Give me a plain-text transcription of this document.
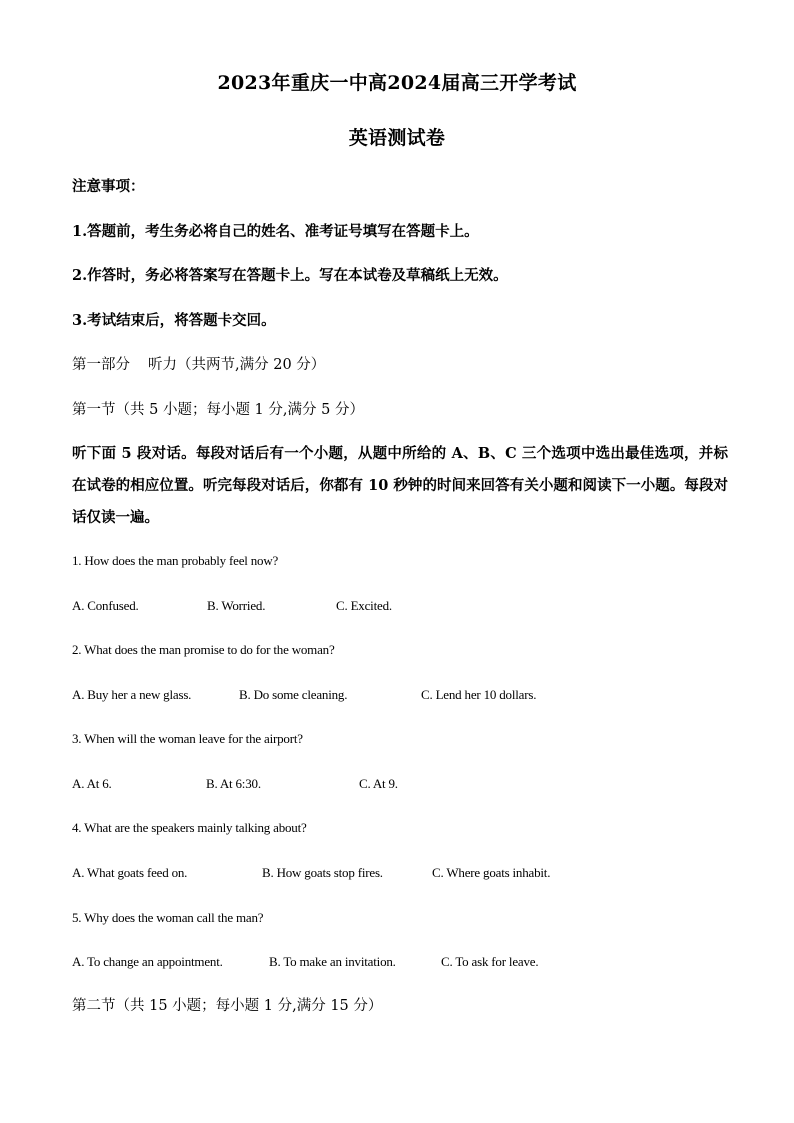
2023年重庆一中高2024届高三开学考试
英语测试卷
注意事项：
1.答题前，考生务必将自己的姓名、准考证号填写在答题卡上。
2.作答时，务必将答案写在答题卡上。写在本试卷及草稿纸上无效。
3.考试结束后，将答题卡交回。
第一部分 听力（共两节,满分 20 分）
第一节（共 5 小题；每小题 1 分,满分 5 分）
听下面 5 段对话。每段对话后有一个小题，从题中所给的 A、B、C 三个选项中选出最佳选项，并标在试卷的相应位置。听完每段对话后，你都有 10 秒钟的时间来回答有关小题和阅读下一小题。每段对话仅读一遍。
1. How does the man probably feel now?
A. Confused.	B. Worried.	C. Excited.
2. What does the man promise to do for the woman?
A. Buy her a new glass.	B. Do some cleaning.	C. Lend her 10 dollars.
3. When will the woman leave for the airport?
A. At 6.	B. At 6:30.	C. At 9.
4. What are the speakers mainly talking about?
A. What goats feed on.	B. How goats stop fires.	C. Where goats inhabit.
5. Why does the woman call the man?
A. To change an appointment.	B. To make an invitation.	C. To ask for leave.
第二节（共 15 小题；每小题 1 分,满分 15 分）
